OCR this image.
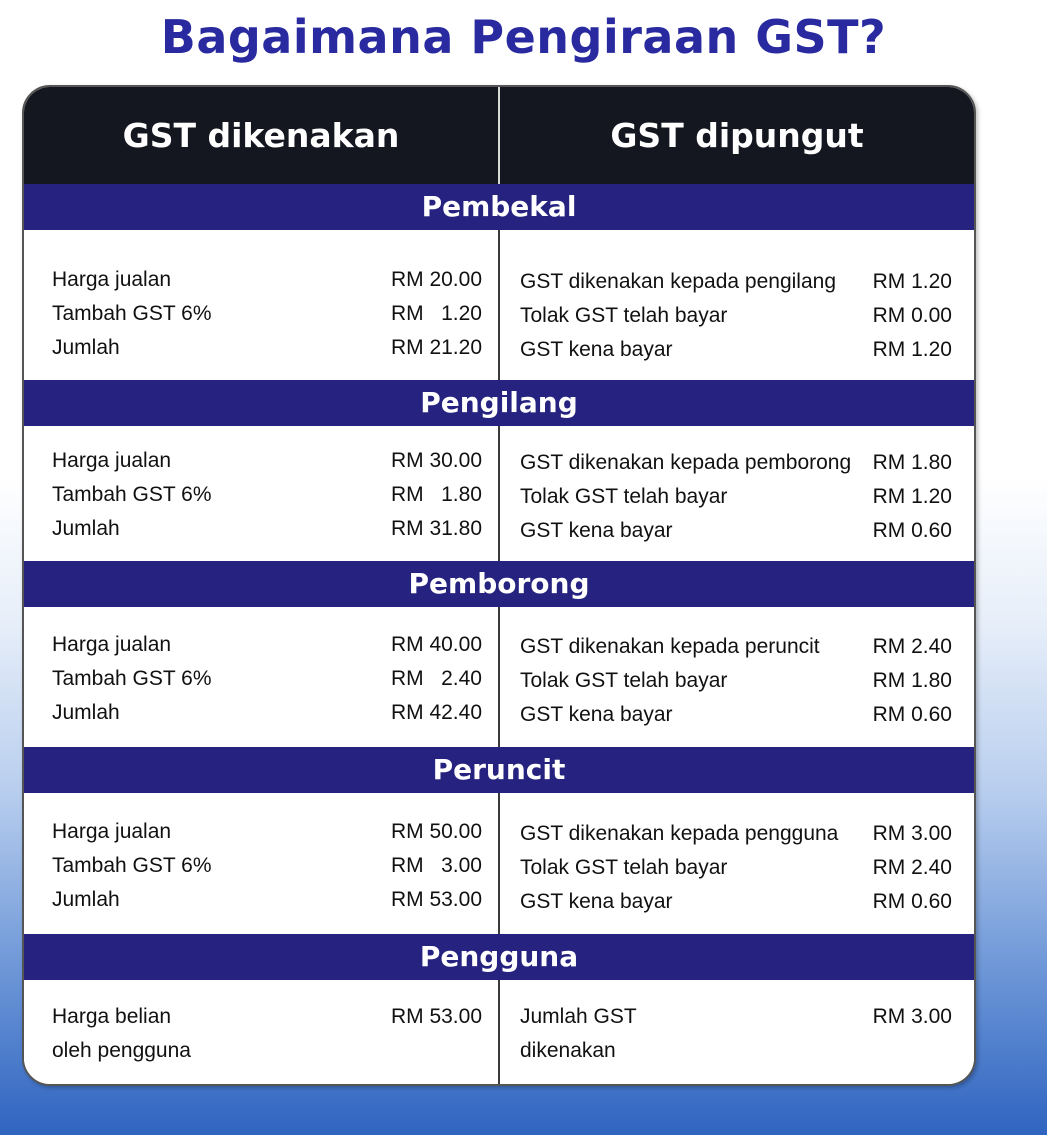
Bagaimana Pengiraan GST?
GST dikenakan	GST dipungut
Pembekal
Harga jualan	RM 20.00
Tambah GST 6%	RM   1.20
Jumlah	RM 21.20
GST dikenakan kepada pengilang	RM 1.20
Tolak GST telah bayar	RM 0.00
GST kena bayar	RM 1.20
Pengilang
Harga jualan	RM 30.00
Tambah GST 6%	RM   1.80
Jumlah	RM 31.80
GST dikenakan kepada pemborong	RM 1.80
Tolak GST telah bayar	RM 1.20
GST kena bayar	RM 0.60
Pemborong
Harga jualan	RM 40.00
Tambah GST 6%	RM   2.40
Jumlah	RM 42.40
GST dikenakan kepada peruncit	RM 2.40
Tolak GST telah bayar	RM 1.80
GST kena bayar	RM 0.60
Peruncit
Harga jualan	RM 50.00
Tambah GST 6%	RM   3.00
Jumlah	RM 53.00
GST dikenakan kepada pengguna	RM 3.00
Tolak GST telah bayar	RM 2.40
GST kena bayar	RM 0.60
Pengguna
Harga belian	RM 53.00
oleh pengguna
Jumlah GST	RM 3.00
dikenakan
